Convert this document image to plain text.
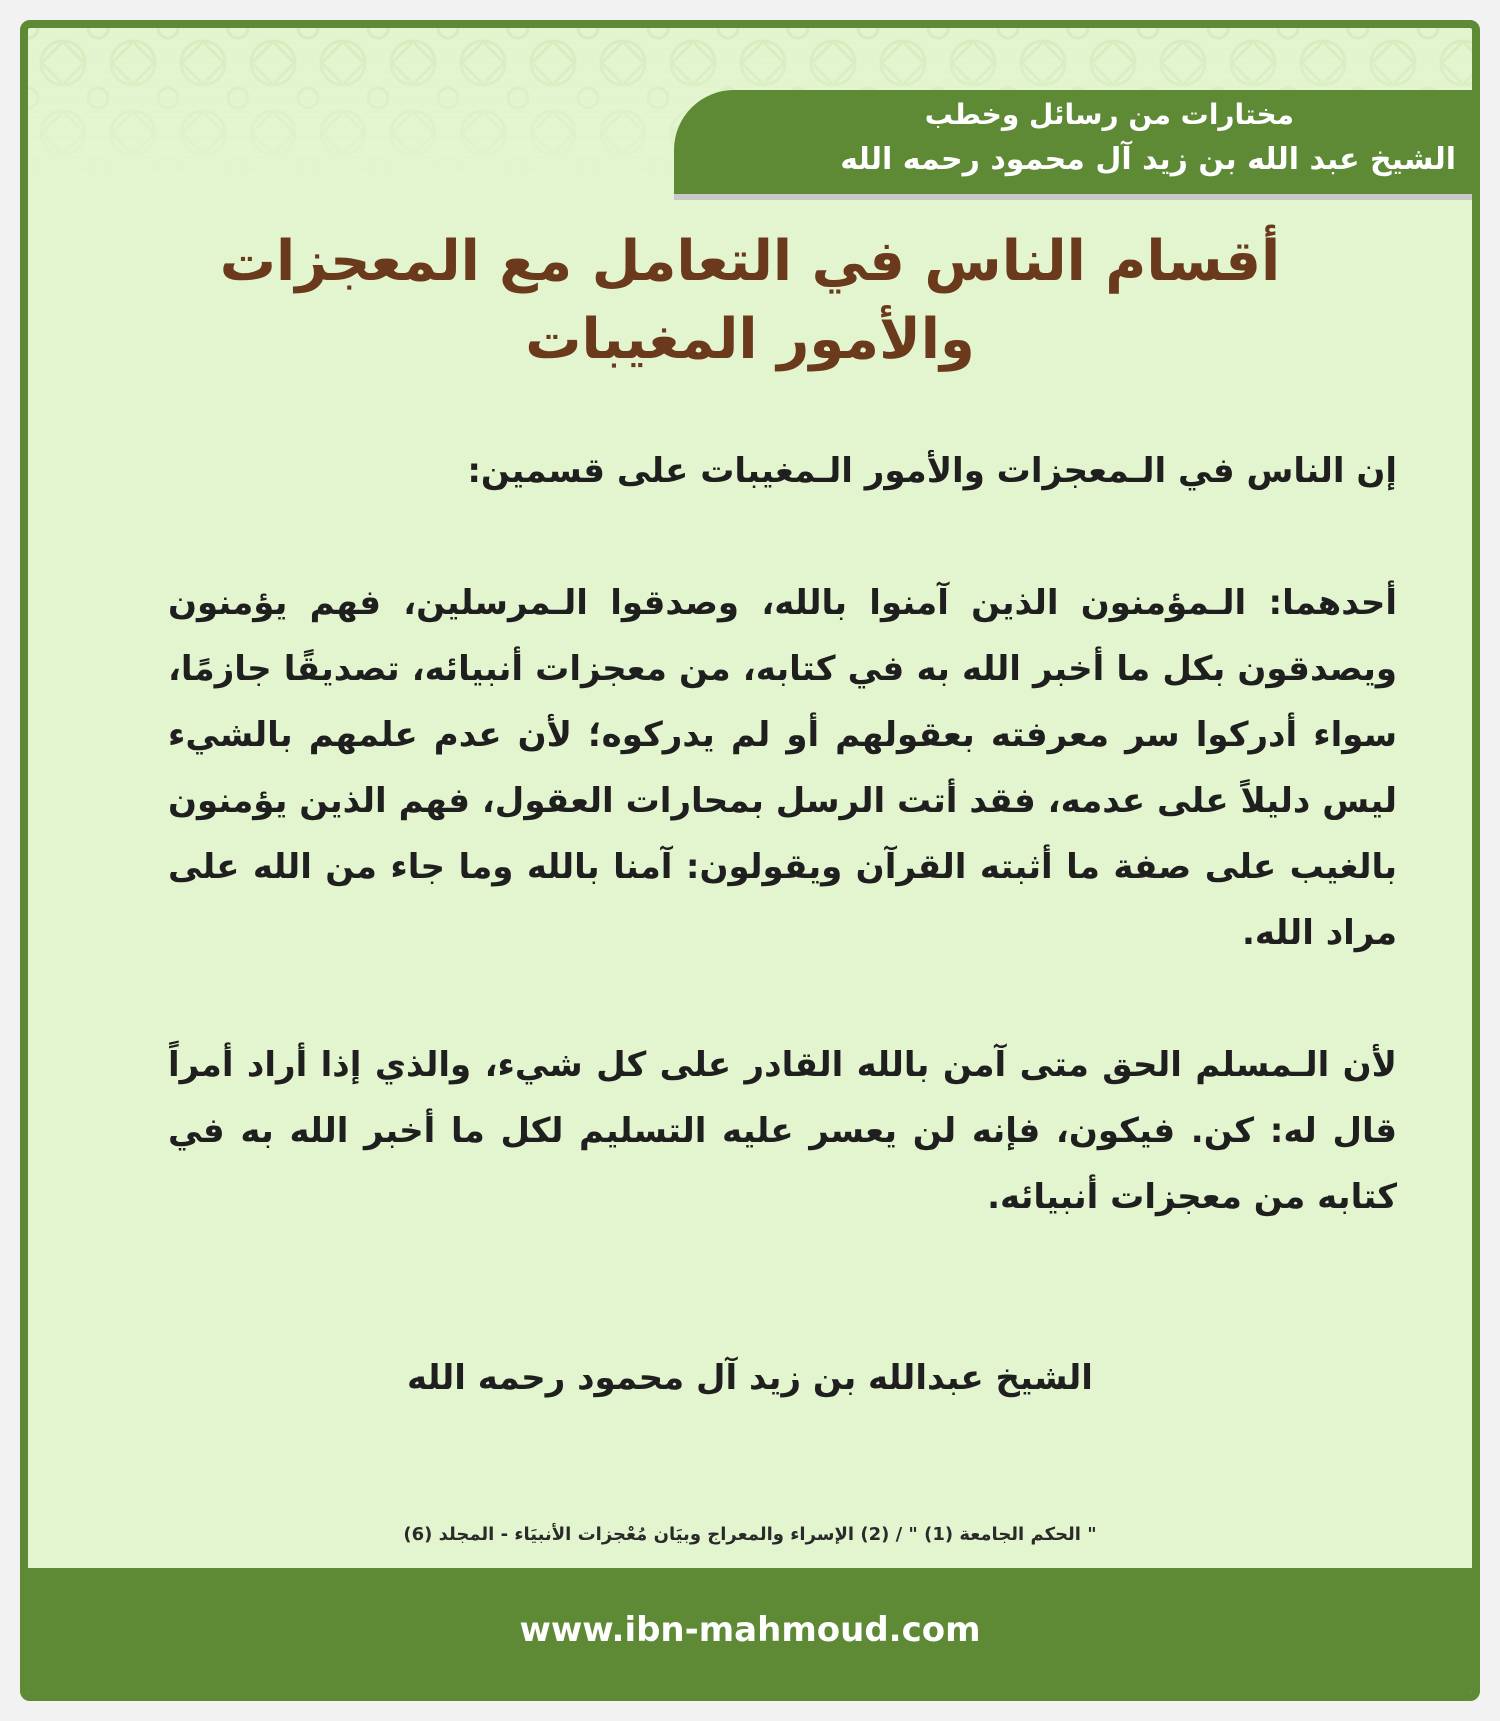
مختارات من رسائل وخطب
الشيخ عبد الله بن زيد آل محمود رحمه الله
أقسام الناس في التعامل مع المعجزات والأمور المغيبات

إن الناس في الـمعجزات والأمور الـمغيبات على قسمين:

أحدهما: الـمؤمنون الذين آمنوا بالله، وصدقوا الـمرسلين، فهم يؤمنون ويصدقون بكل ما أخبر الله به في كتابه، من معجزات أنبيائه، تصديقًا جازمًا، سواء أدركوا سر معرفته بعقولهم أو لم يدركوه؛ لأن عدم علمهم بالشيء ليس دليلاً على عدمه، فقد أتت الرسل بمحارات العقول، فهم الذين يؤمنون بالغيب على صفة ما أثبته القرآن ويقولون: آمنا بالله وما جاء من الله على مراد الله.

لأن الـمسلم الحق متى آمن بالله القادر على كل شيء، والذي إذا أراد أمراً قال له: كن. فيكون، فإنه لن يعسر عليه التسليم لكل ما أخبر الله به في كتابه من معجزات أنبيائه.

الشيخ عبدالله بن زيد آل محمود رحمه الله
" الحكم الجامعة (1) " / (2) الإسراء والمعراج وبيَان مُعْجزات الأنبيَاء - المجلد (6)
www.ibn-mahmoud.com
